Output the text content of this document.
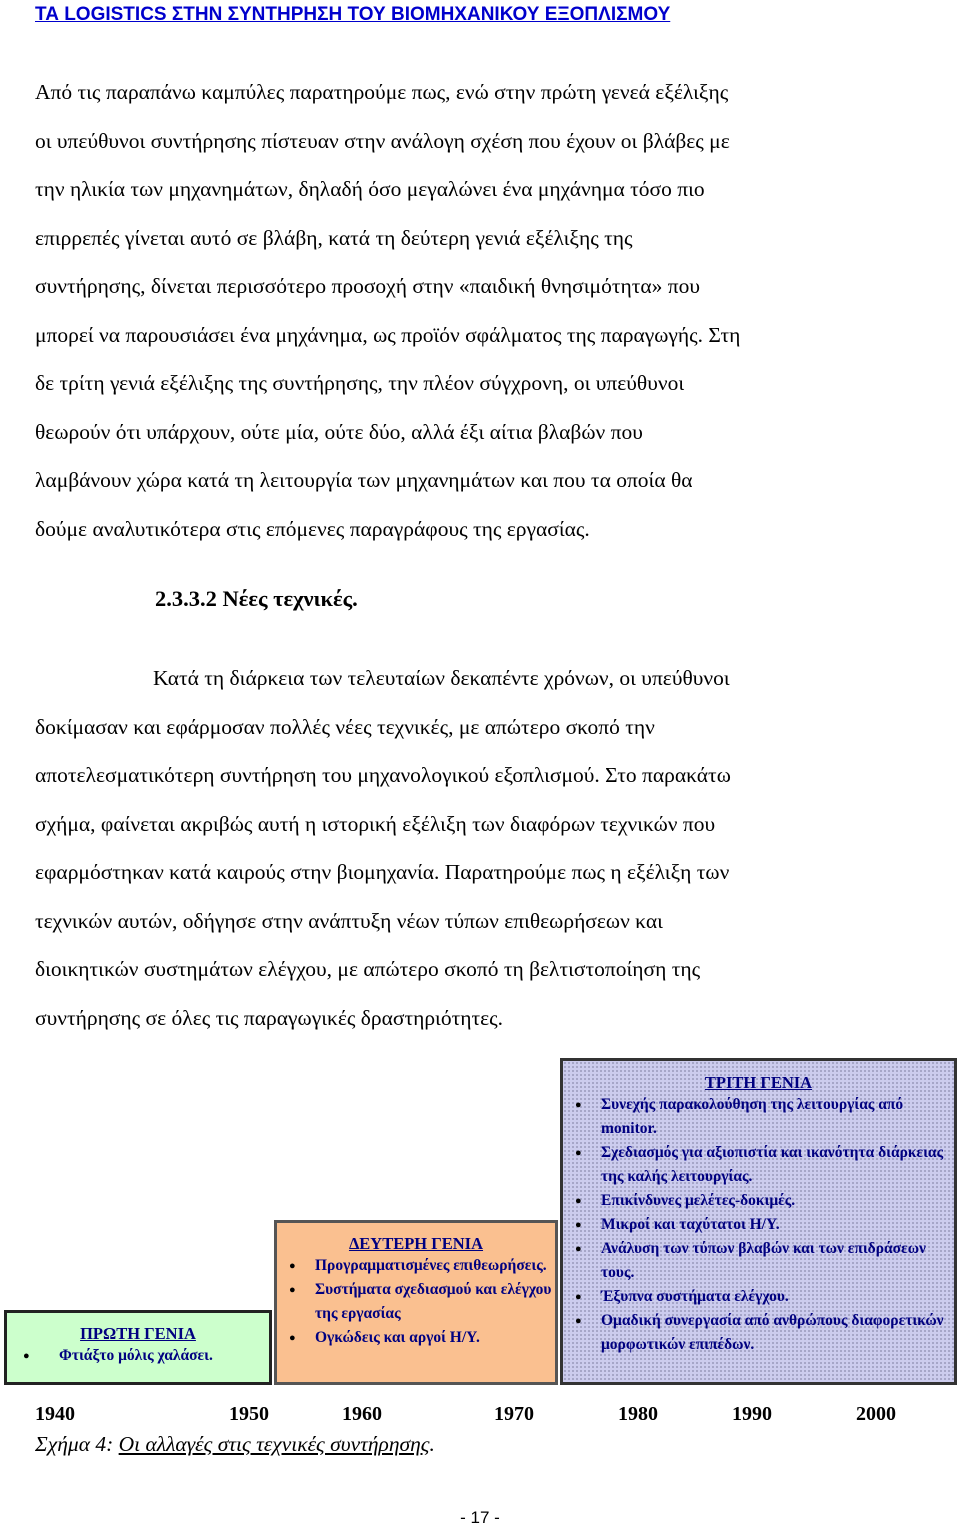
ΤΑ LOGISTICS ΣΤΗΝ ΣΥΝΤΗΡΗΣΗ ΤΟΥ ΒΙΟΜΗΧΑΝΙΚΟΥ ΕΞΟΠΛΙΣΜΟΥ
Από τις παραπάνω καμπύλες παρατηρούμε πως, ενώ στην πρώτη γενεά εξέλιξης
οι υπεύθυνοι συντήρησης πίστευαν στην ανάλογη σχέση που έχουν οι βλάβες με
την ηλικία των μηχανημάτων, δηλαδή όσο μεγαλώνει ένα μηχάνημα τόσο πιο
επιρρεπές γίνεται αυτό σε βλάβη, κατά τη δεύτερη γενιά εξέλιξης της
συντήρησης, δίνεται περισσότερο προσοχή στην «παιδική θνησιμότητα» που
μπορεί να παρουσιάσει ένα μηχάνημα, ως προϊόν σφάλματος της παραγωγής. Στη
δε τρίτη γενιά εξέλιξης της συντήρησης, την πλέον σύγχρονη, οι υπεύθυνοι
θεωρούν ότι υπάρχουν, ούτε μία, ούτε δύο, αλλά έξι αίτια βλαβών που
λαμβάνουν χώρα κατά τη λειτουργία των μηχανημάτων και που τα οποία θα
δούμε αναλυτικότερα στις επόμενες παραγράφους της εργασίας.
2.3.3.2 Νέες τεχνικές.
Κατά τη διάρκεια των τελευταίων δεκαπέντε χρόνων, οι υπεύθυνοι
δοκίμασαν και εφάρμοσαν πολλές νέες τεχνικές, με απώτερο σκοπό την
αποτελεσματικότερη συντήρηση του μηχανολογικού εξοπλισμού. Στο παρακάτω
σχήμα, φαίνεται ακριβώς αυτή η ιστορική εξέλιξη των διαφόρων τεχνικών που
εφαρμόστηκαν κατά καιρούς στην βιομηχανία. Παρατηρούμε πως η εξέλιξη των
τεχνικών αυτών, οδήγησε στην ανάπτυξη νέων τύπων επιθεωρήσεων και
διοικητικών συστημάτων ελέγχου, με απώτερο σκοπό τη βελτιστοποίηση της
συντήρησης σε όλες τις παραγωγικές δραστηριότητες.
ΤΡΙΤΗ ΓΕΝΙΑ
● Συνεχής παρακολούθηση της λειτουργίας από monitor.
● Σχεδιασμός για αξιοπιστία και ικανότητα διάρκειας της καλής λειτουργίας.
● Επικίνδυνες μελέτες-δοκιμές.
● Μικροί και ταχύτατοι Η/Υ.
● Ανάλυση των τύπων βλαβών και των επιδράσεων τους.
● Έξυπνα συστήματα ελέγχου.
● Ομαδική συνεργασία από ανθρώπους διαφορετικών μορφωτικών επιπέδων.
ΔΕΥΤΕΡΗ ΓΕΝΙΑ
● Προγραμματισμένες επιθεωρήσεις.
● Συστήματα σχεδιασμού και ελέγχου της εργασίας
● Ογκώδεις και αργοί Η/Υ.
ΠΡΩΤΗ ΓΕΝΙΑ
● Φτιάξτο μόλις χαλάσει.
1940	1950	1960	1970	1980	1990	2000
Σχήμα 4: Οι αλλαγές στις τεχνικές συντήρησης.
- 17 -
